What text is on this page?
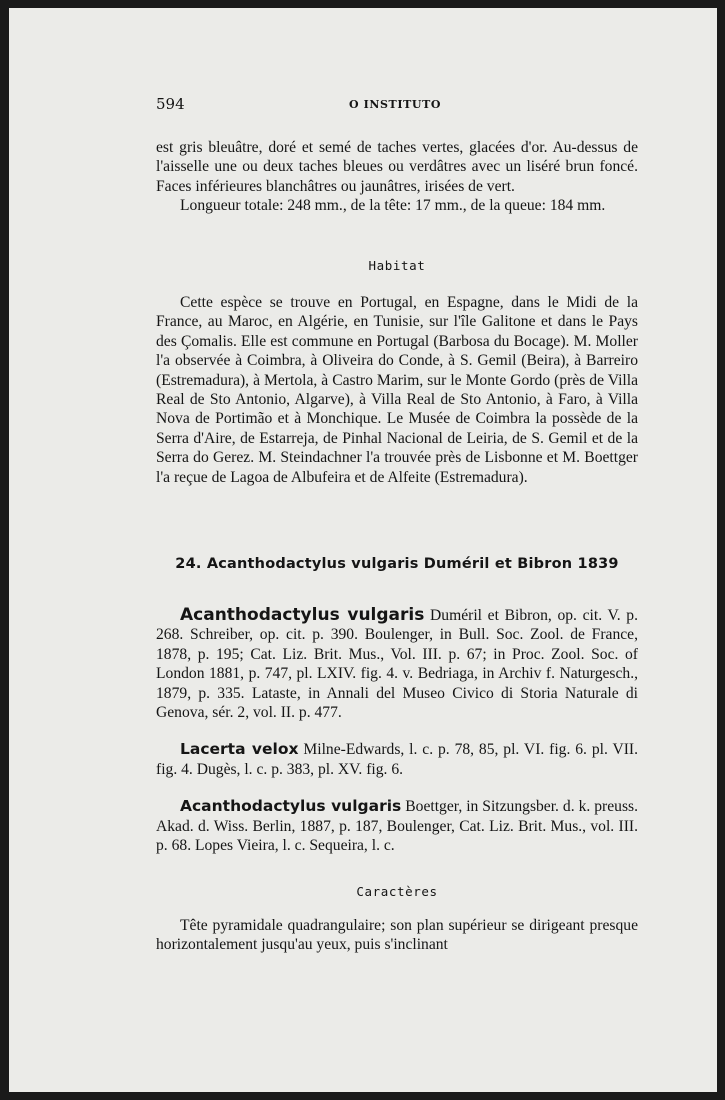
594	O INSTITUTO

est gris bleuâtre, doré et semé de taches vertes, glacées d'or. Au-dessus de l'aisselle une ou deux taches bleues ou verdâtres avec un liséré brun foncé. Faces inférieures blanchâtres ou jaunâtres, irisées de vert.

Longueur totale: 248 mm., de la tête: 17 mm., de la queue: 184 mm.

Habitat

Cette espèce se trouve en Portugal, en Espagne, dans le Midi de la France, au Maroc, en Algérie, en Tunisie, sur l'île Galitone et dans le Pays des Çomalis. Elle est commune en Portugal (Barbosa du Bocage). M. Moller l'a observée à Coimbra, à Oliveira do Conde, à S. Gemil (Beira), à Barreiro (Estremadura), à Mertola, à Castro Marim, sur le Monte Gordo (près de Villa Real de Sto Antonio, Algarve), à Villa Real de Sto Antonio, à Faro, à Villa Nova de Portimão et à Monchique. Le Musée de Coimbra la possède de la Serra d'Aire, de Estarreja, de Pinhal Nacional de Leiria, de S. Gemil et de la Serra do Gerez. M. Steindachner l'a trouvée près de Lisbonne et M. Boettger l'a reçue de Lagoa de Albufeira et de Alfeite (Estremadura).

24. Acanthodactylus vulgaris Duméril et Bibron 1839

Acanthodactylus vulgaris Duméril et Bibron, op. cit. V. p. 268. Schreiber, op. cit. p. 390. Boulenger, in Bull. Soc. Zool. de France, 1878, p. 195; Cat. Liz. Brit. Mus., Vol. III. p. 67; in Proc. Zool. Soc. of London 1881, p. 747, pl. LXIV. fig. 4. v. Bedriaga, in Archiv f. Naturgesch., 1879, p. 335. Lataste, in Annali del Museo Civico di Storia Naturale di Genova, sér. 2, vol. II. p. 477.

Lacerta velox Milne-Edwards, l. c. p. 78, 85, pl. VI. fig. 6. pl. VII. fig. 4. Dugès, l. c. p. 383, pl. XV. fig. 6.

Acanthodactylus vulgaris Boettger, in Sitzungsber. d. k. preuss. Akad. d. Wiss. Berlin, 1887, p. 187, Boulenger, Cat. Liz. Brit. Mus., vol. III. p. 68. Lopes Vieira, l. c. Sequeira, l. c.

Caractères

Tête pyramidale quadrangulaire; son plan supérieur se dirigeant presque horizontalement jusqu'au yeux, puis s'inclinant
